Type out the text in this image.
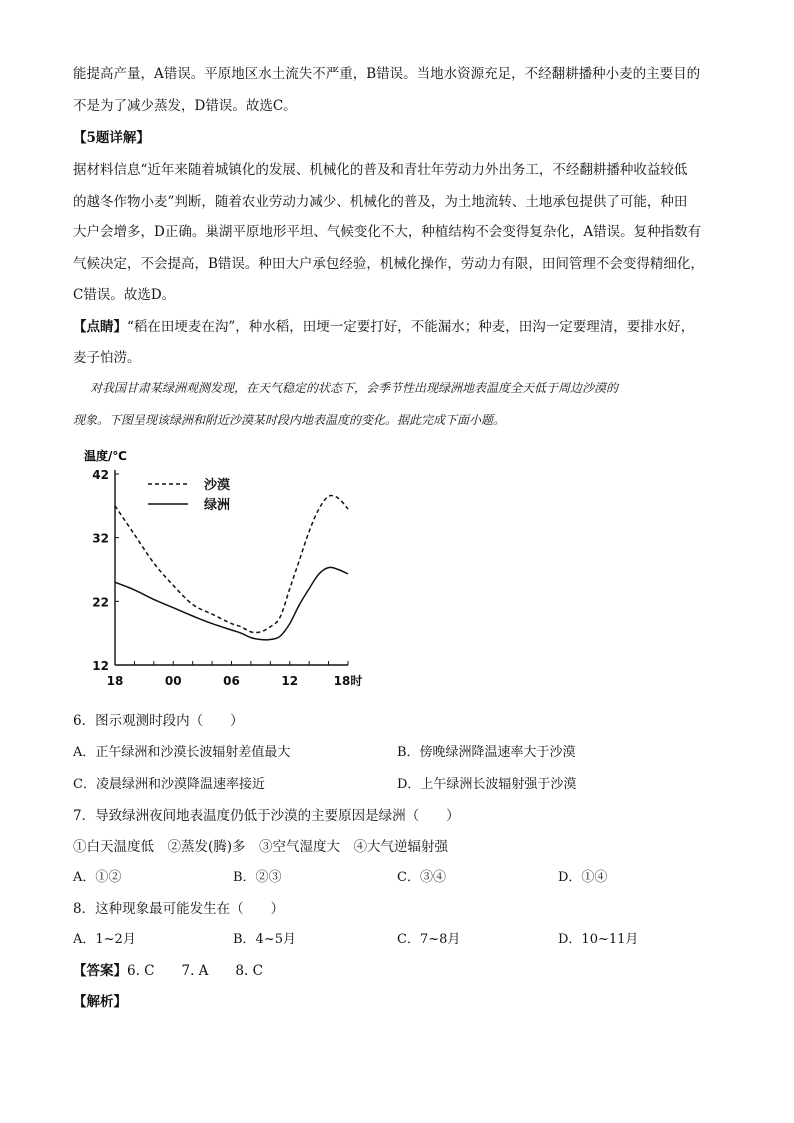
能提高产量，A错误。平原地区水土流失不严重，B错误。当地水资源充足，不经翻耕播种小麦的主要目的
不是为了减少蒸发，D错误。故选C。
【5题详解】
据材料信息“近年来随着城镇化的发展、机械化的普及和青壮年劳动力外出务工，不经翻耕播种收益较低
的越冬作物小麦”判断，随着农业劳动力减少、机械化的普及，为土地流转、土地承包提供了可能，种田
大户会增多，D正确。巢湖平原地形平坦、气候变化不大，种植结构不会变得复杂化，A错误。复种指数有
气候决定，不会提高，B错误。种田大户承包经验，机械化操作，劳动力有限，田间管理不会变得精细化，
C错误。故选D。
【点睛】“稻在田埂麦在沟”，种水稻，田埂一定要打好，不能漏水；种麦，田沟一定要理清，要排水好，
麦子怕涝。
对我国甘肃某绿洲观测发现，在天气稳定的状态下，会季节性出现绿洲地表温度全天低于周边沙漠的
现象。下图呈现该绿洲和附近沙漠某时段内地表温度的变化。据此完成下面小题。
温度/℃
12
22
32
42
18	00	06	12	18时
沙漠
绿洲
6．图示观测时段内（　　）
A．正午绿洲和沙漠长波辐射差值最大	B．傍晚绿洲降温速率大于沙漠
C．凌晨绿洲和沙漠降温速率接近	D．上午绿洲长波辐射强于沙漠
7．导致绿洲夜间地表温度仍低于沙漠的主要原因是绿洲（　　）
①白天温度低　②蒸发(腾)多　③空气湿度大　④大气逆辐射强
A．①②	B．②③	C．③④	D．①④
8．这种现象最可能发生在（　　）
A．1~2月	B．4~5月	C．7~8月	D．10~11月
【答案】6. C　　7. A　　8. C
【解析】
